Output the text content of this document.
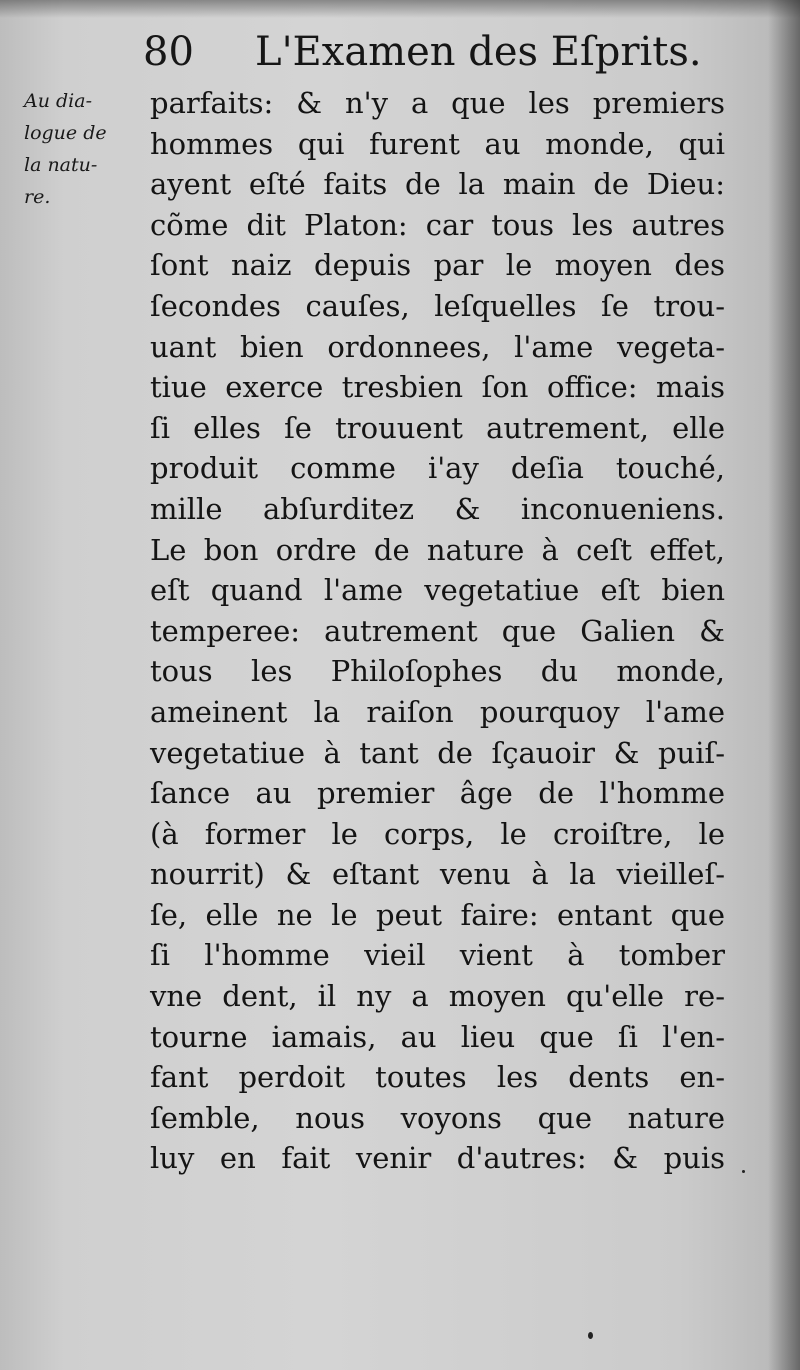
80 L'Examen des Eſprits.
Au dia-
logue de
la natu-
re.
parfaits: & n'y a que les premiers
hommes qui furent au monde, qui
ayent eſté faits de la main de Dieu:
cõme dit Platon: car tous les autres
ſont naiz depuis par le moyen des
ſecondes cauſes, leſquelles ſe trou-
uant bien ordonnees, l'ame vegeta-
tiue exerce tresbien ſon office: mais
ſi elles ſe trouuent autrement, elle
produit comme i'ay deſia touché,
mille abſurditez & inconueniens.
Le bon ordre de nature à ceſt effet,
eſt quand l'ame vegetatiue eſt bien
temperee: autrement que Galien &
tous les Philoſophes du monde,
ameinent la raiſon pourquoy l'ame
vegetatiue à tant de ſçauoir & puiſ-
ſance au premier âge de l'homme
(à former le corps, le croiſtre, le
nourrit) & eſtant venu à la vieilleſ-
ſe, elle ne le peut faire: entant que
ſi l'homme vieil vient à tomber
vne dent, il ny a moyen qu'elle re-
tourne iamais, au lieu que ſi l'en-
fant perdoit toutes les dents en-
ſemble, nous voyons que nature
luy en fait venir d'autres: & puis
